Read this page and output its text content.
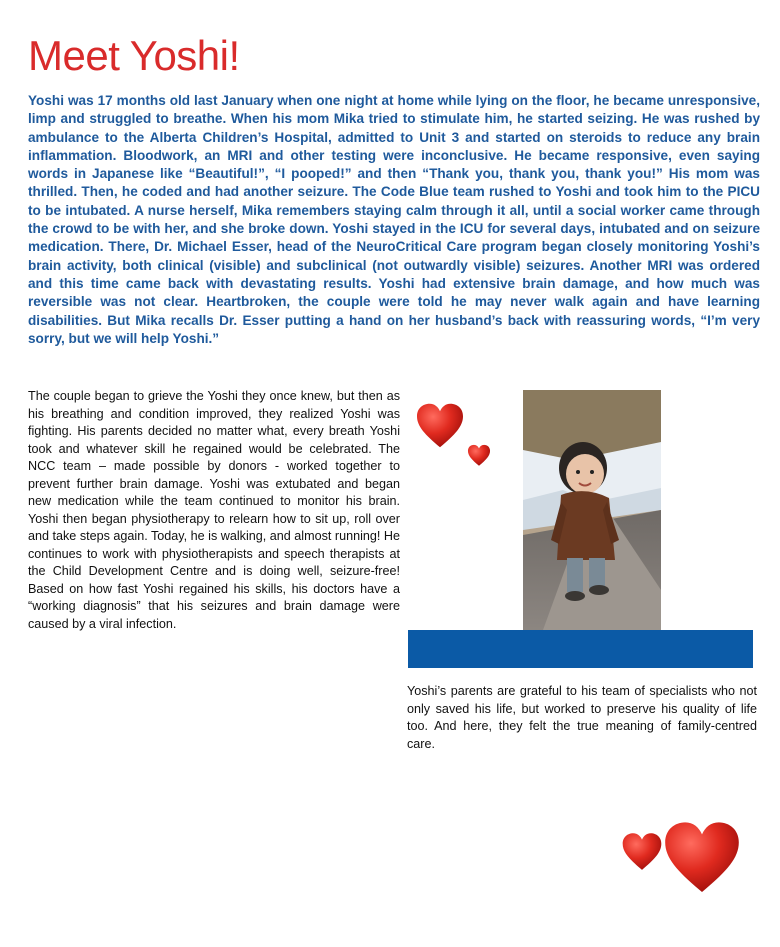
Meet Yoshi!

Yoshi was 17 months old last January when one night at home while lying on the floor, he became unresponsive, limp and struggled to breathe. When his mom Mika tried to stimulate him, he started seizing. He was rushed by ambulance to the Alberta Children’s Hospital, admitted to Unit 3 and started on steroids to reduce any brain inflammation. Bloodwork, an MRI and other testing were inconclusive. He became responsive, even saying words in Japanese like “Beautiful!”, “I pooped!” and then “Thank you, thank you, thank you!” His mom was thrilled. Then, he coded and had another seizure. The Code Blue team rushed to Yoshi and took him to the PICU to be intubated. A nurse herself, Mika remembers staying calm through it all, until a social worker came through the crowd to be with her, and she broke down. Yoshi stayed in the ICU for several days, intubated and on seizure medication. There, Dr. Michael Esser, head of the NeuroCritical Care program began closely monitoring Yoshi’s brain activity, both clinical (visible) and subclinical (not outwardly visible) seizures. Another MRI was ordered and this time came back with devastating results. Yoshi had extensive brain damage, and how much was reversible was not clear. Heartbroken, the couple were told he may never walk again and have learning disabilities. But Mika recalls Dr. Esser putting a hand on her husband’s back with reassuring words, “I’m very sorry, but we will help Yoshi.”

The couple began to grieve the Yoshi they once knew, but then as his breathing and condition improved, they realized Yoshi was fighting. His parents decided no matter what, every breath Yoshi took and whatever skill he regained would be celebrated. The NCC team – made possible by donors - worked together to prevent further brain damage. Yoshi was extubated and began new medication while the team continued to monitor his brain. Yoshi then began physiotherapy to relearn how to sit up, roll over and take steps again. Today, he is walking, and almost running! He continues to work with physiotherapists and speech therapists at the Child Development Centre and is doing well, seizure-free! Based on how fast Yoshi regained his skills, his doctors have a “working diagnosis” that his seizures and brain damage were caused by a viral infection.

Yoshi’s parents are grateful to his team of specialists who not only saved his life, but worked to preserve his quality of life too. And here, they felt the true meaning of family-centred care.
